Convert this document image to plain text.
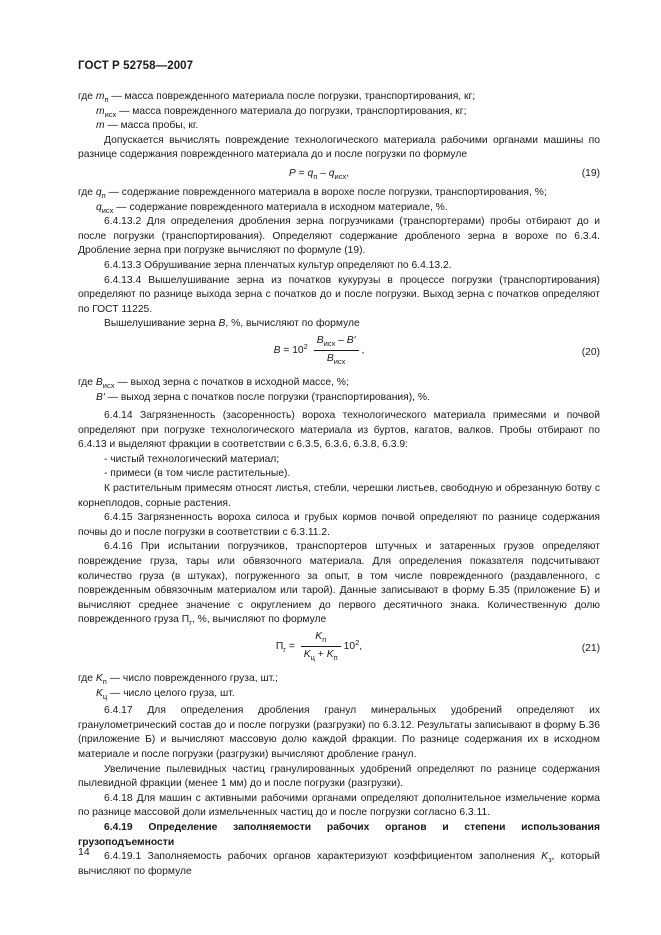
ГОСТ Р 52758—2007

где $m_п$ — масса поврежденного материала после погрузки, транспортирования, кг;

$m_{исх}$ — масса поврежденного материала до погрузки, транспортирования, кг;

m — масса пробы, кг.

Допускается вычислять повреждение технологического материала рабочими органами машины по разнице содержания поврежденного материала до и после погрузки по формуле

$P = q_п - q_{исх}$,	(19)

где $q_п$ — содержание поврежденного материала в ворохе после погрузки, транспортирования, %;

$q_{исх}$ — содержание поврежденного материала в исходном материале, %.

6.4.13.2 Для определения дробления зерна погрузчиками (транспортерами) пробы отбирают до и после погрузки (транспортирования). Определяют содержание дробленого зерна в ворохе по 6.3.4. Дробление зерна при погрузке вычисляют по формуле (19).

6.4.13.3 Обрушивание зерна пленчатых культур определяют по 6.4.13.2.

6.4.13.4 Вышелушивание зерна из початков кукурузы в процессе погрузки (транспортирования) определяют по разнице выхода зерна с початков до и после погрузки. Выход зерна с початков определяют по ГОСТ 11225.

Вышелушивание зерна B, %, вычисляют по формуле

$B = 10^2 \frac{B_{исх} - B'}{B_{исх}}$ ,	(20)

где $B_{исх}$ — выход зерна с початков в исходной массе, %;

B′ — выход зерна с початков после погрузки (транспортирования), %.

6.4.14 Загрязненность (засоренность) вороха технологического материала примесями и почвой определяют при погрузке технологического материала из буртов, кагатов, валков. Пробы отбирают по 6.4.13 и выделяют фракции в соответствии с 6.3.5, 6.3.6, 6.3.8, 6.3.9:

- чистый технологический материал;

- примеси (в том числе растительные).

К растительным примесям относят листья, стебли, черешки листьев, свободную и обрезанную ботву с корнеплодов, сорные растения.

6.4.15 Загрязненность вороха силоса и грубых кормов почвой определяют по разнице содержания почвы до и после погрузки в соответствии с 6.3.11.2.

6.4.16 При испытании погрузчиков, транспортеров штучных и затаренных грузов определяют повреждение груза, тары или обвязочного материала. Для определения показателя подсчитывают количество груза (в штуках), погруженного за опыт, в том числе поврежденного (раздавленного, с поврежденным обвязочным материалом или тарой). Данные записывают в форму Б.35 (приложение Б) и вычисляют среднее значение с округлением до первого десятичного знака. Количественную долю поврежденного груза $П_г$, %, вычисляют по формуле

$П_г = \frac{K_п}{K_ц + K_п} 10^2$,	(21)

где $K_п$ — число поврежденного груза, шт.;

$K_ц$ — число целого груза, шт.

6.4.17 Для определения дробления гранул минеральных удобрений определяют их гранулометрический состав до и после погрузки (разгрузки) по 6.3.12. Результаты записывают в форму Б.36 (приложение Б) и вычисляют массовую долю каждой фракции. По разнице содержания их в исходном материале и после погрузки (разгрузки) вычисляют дробление гранул.

Увеличение пылевидных частиц гранулированных удобрений определяют по разнице содержания пылевидной фракции (менее 1 мм) до и после погрузки (разгрузки).

6.4.18 Для машин с активными рабочими органами определяют дополнительное измельчение корма по разнице массовой доли измельченных частиц до и после погрузки согласно 6.3.11.

6.4.19 Определение заполняемости рабочих органов и степени использования грузоподъемности

6.4.19.1 Заполняемость рабочих органов характеризуют коэффициентом заполнения $K_з$, который вычисляют по формуле

14
